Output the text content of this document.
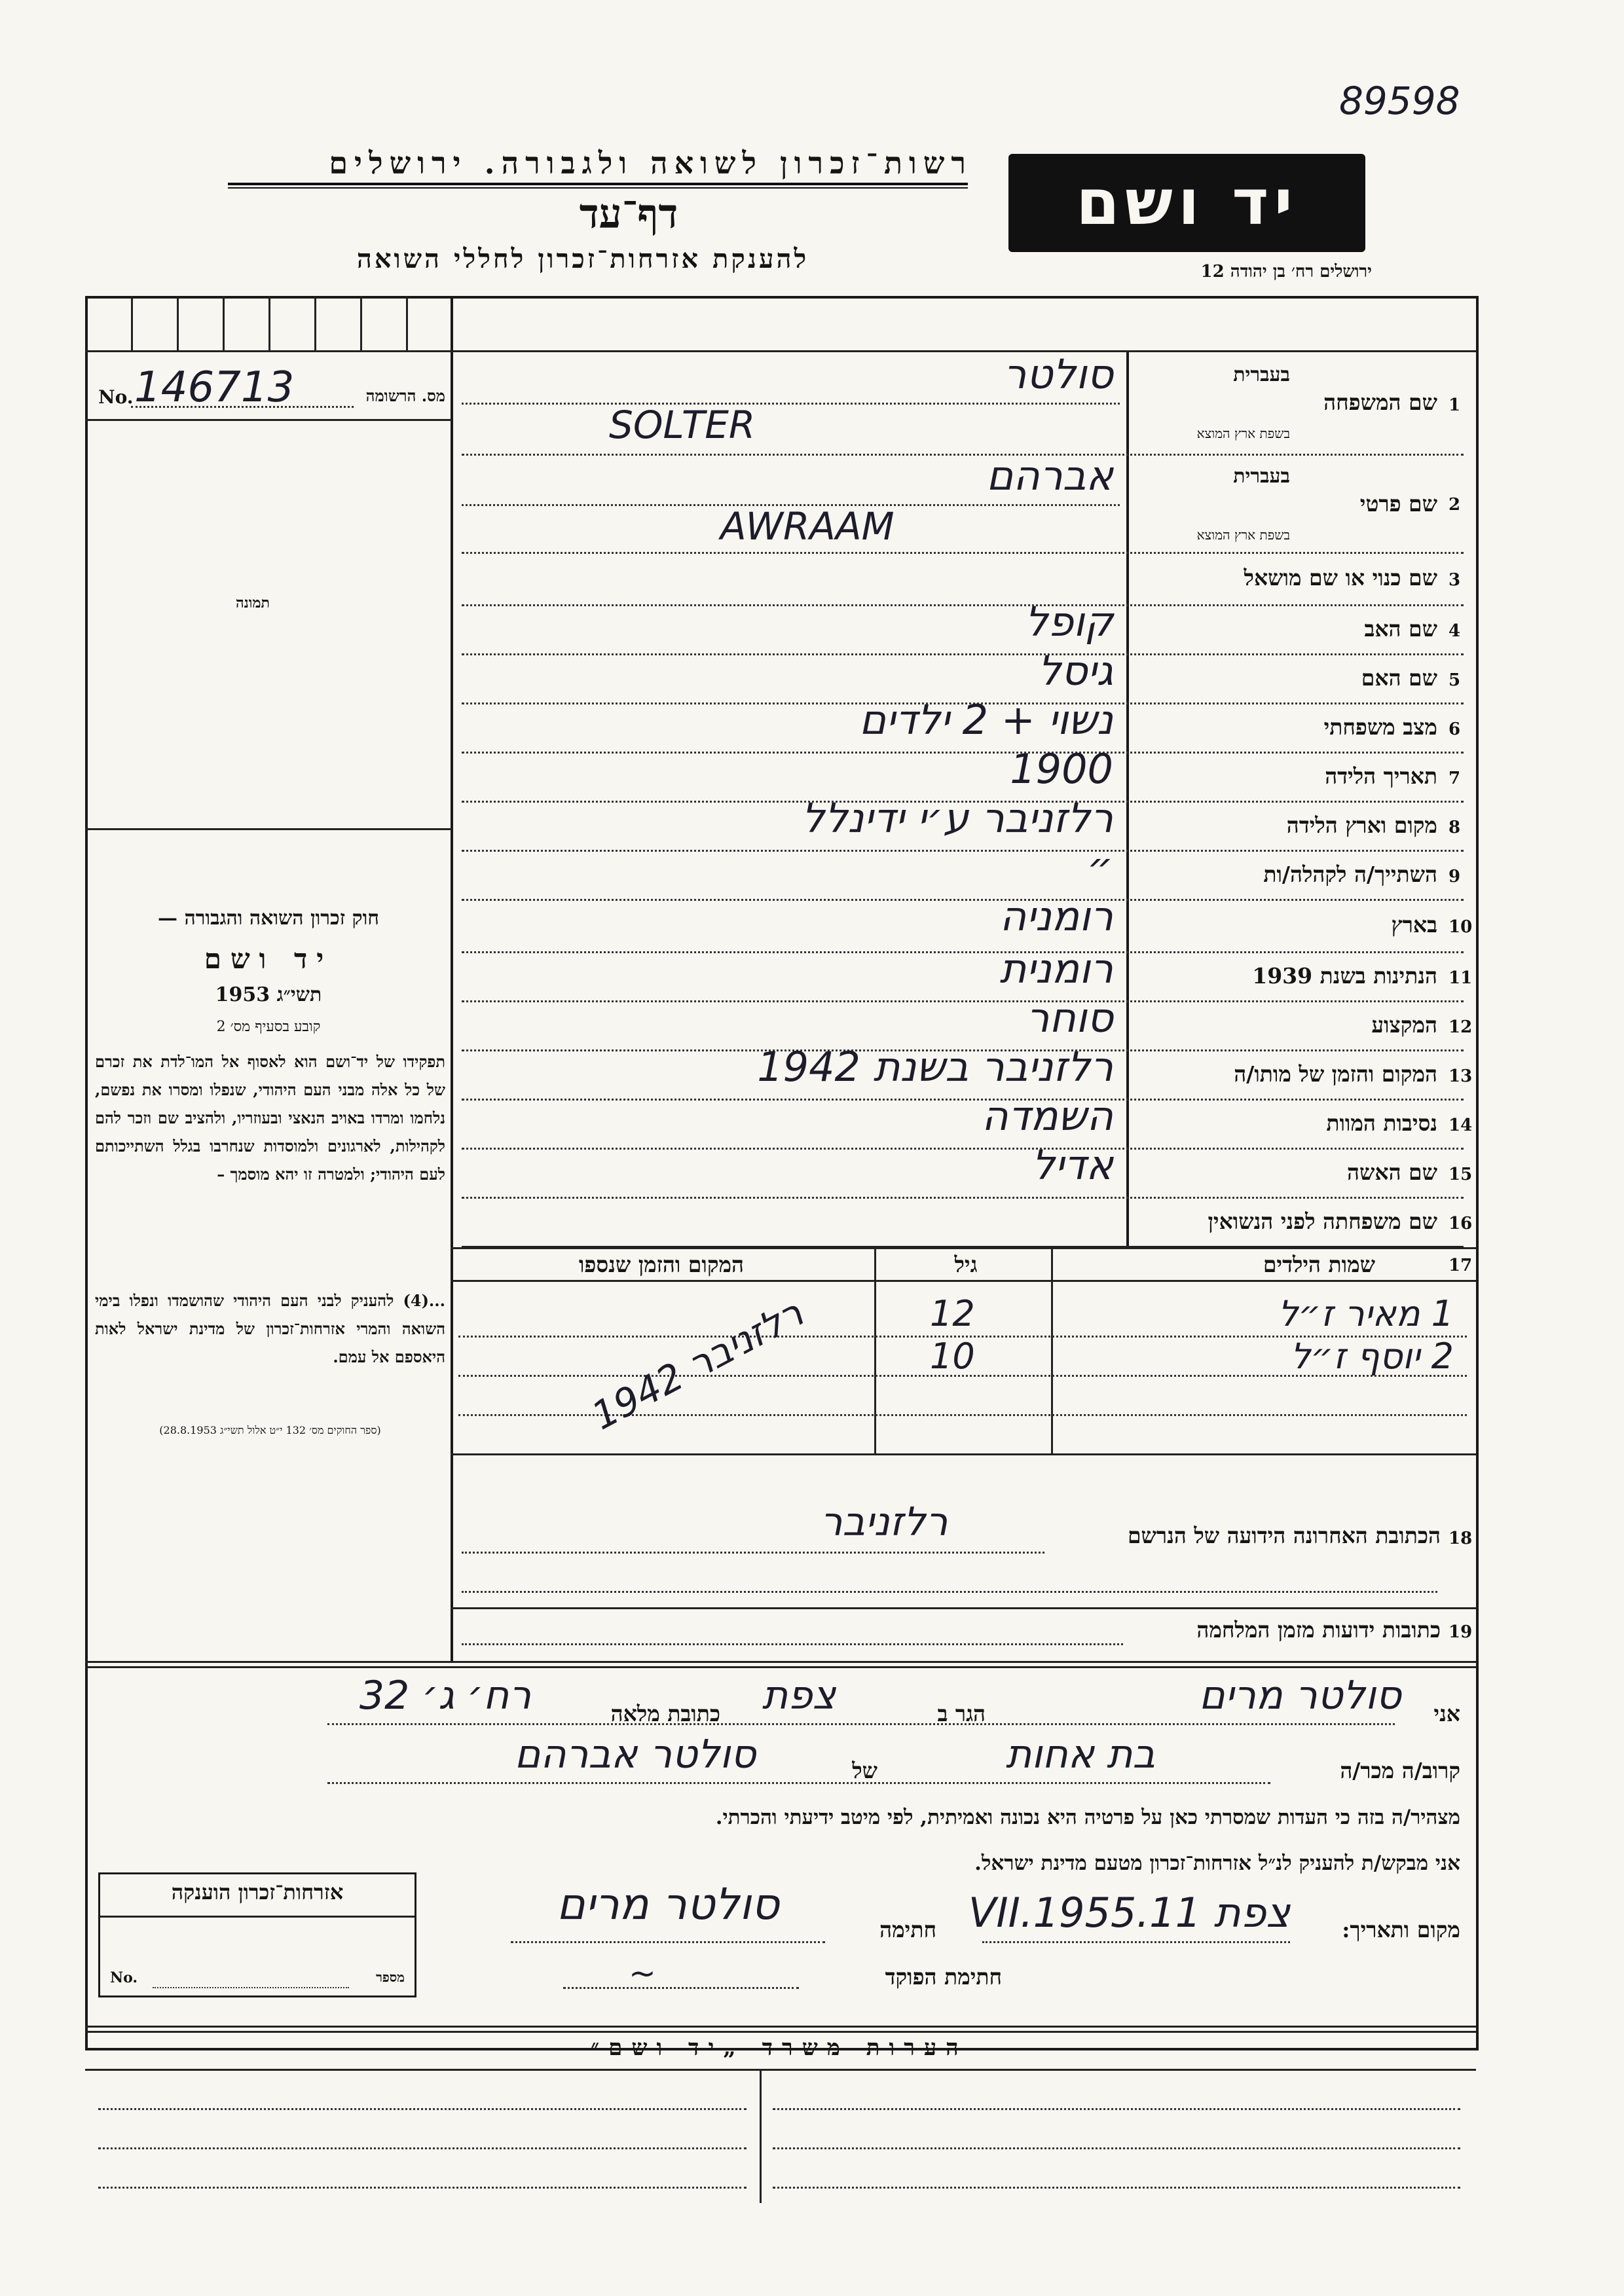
89598
רשות־זכרון לשואה ולגבורה. ירושלים
דף־עד
להענקת אזרחות־זכרון לחללי השואה
יד ושם
ירושלים רח׳ בן יהודה 12
No. 146713	מס. הרשומה
תמונה
חוק זכרון השואה והגבורה —
יד ושם
תשי״ג 1953
קובע בסעיף מס׳ 2
תפקידו של יד־ושם הוא לאסוף אל המו־לדת את זכרם של כל אלה מבני העם היהודי, שנפלו ומסרו את נפשם, נלחמו ומרדו באויב הנאצי ובעוזריו, ולהציב שם וזכר להם לקהילות, לארגונים ולמוסדות שנחרבו בגלל השתייכותם לעם היהודי; ולמטרה זו יהא מוסמך –
...(4) להעניק לבני העם היהודי שהושמדו ונפלו בימי השואה והמרי אזרחות־זכרון של מדינת ישראל לאות היאספם אל עמם.
(ספר החוקים מס׳ 132 י״ט אלול תשי״ג 28.8.1953)
1
שם המשפחה
בעברית
בשפת ארץ המוצא
סולטר
SOLTER
2
שם פרטי
בעברית
בשפת ארץ המוצא
אברהם
AWRAAM
3
שם כנוי או שם מושאל
4
שם האב
קופל
5
שם האם
גיסל
6
מצב משפחתי
נשוי + 2 ילדים
7
תאריך הלידה
1900
8
מקום וארץ הלידה
רלזניבר ע׳י ידינלל
9
השתייך/ה לקהלה/ות
״
10
בארץ
רומניה
11
הנתינות בשנת 1939
רומנית
12
המקצוע
סוחר
13
המקום והזמן של מותו/ה
רלזניבר בשנת 1942
14
נסיבות המוות
השמדה
15
שם האשה
אדיל
16
שם משפחתה לפני הנשואין
17
שמות הילדים
גיל
המקום והזמן שנספו
1 מאיר ז״ל
12
2 יוסף ז״ל
10
רלזניבר 1942
18
הכתובת האחרונה הידועה של הנרשם
רלזניבר
19
כתובות ידועות מזמן המלחמה
אני
סולטר מרים
הגר ב
צפת
כתובת מלאה
רח׳ ג׳ 32
קרוב/ה מכר/ה
בת אחות
של
סולטר אברהם
מצהיר/ה בזה כי העדות שמסרתי כאן על פרטיה היא נכונה ואמיתית, לפי מיטב ידיעתי והכרתי.
אני מבקש/ת להעניק לנ״ל אזרחות־זכרון מטעם מדינת ישראל.
מקום ותאריך:
צפת 11.VII.1955
חתימה
סולטר מרים
חתימת הפוקד
~
אזרחות־זכרון הוענקה
No.	מספר
הערות משרד „יד ושם״
